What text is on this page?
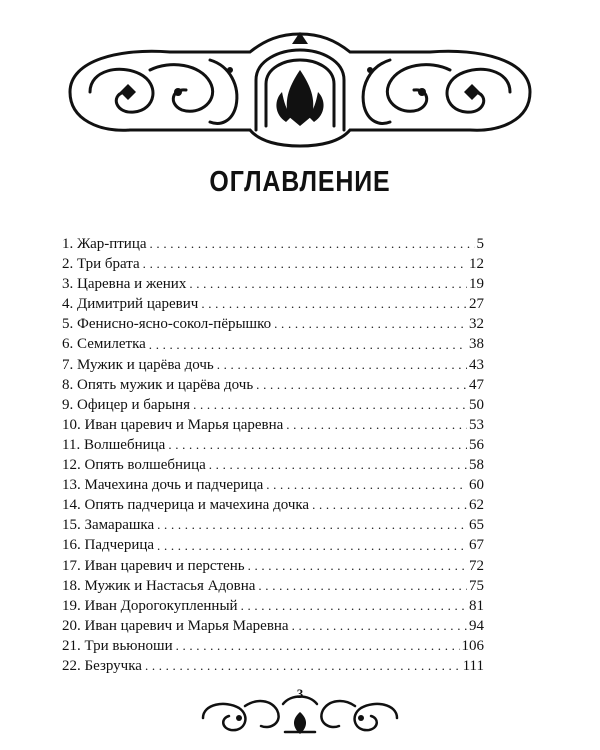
ОГЛАВЛЕНИЕ
1. Жар-птица . . .	5
2. Три брата . . .	12
3. Царевна и жених . . .	19
4. Димитрий царевич . . .	27
5. Фенисно-ясно-сокол-пёрышко . . .	32
6. Семилетка . . .	38
7. Мужик и царёва дочь . . .	43
8. Опять мужик и царёва дочь . . .	47
9. Офицер и барыня . . .	50
10. Иван царевич и Марья царевна . . .	53
11. Волшебница . . .	56
12. Опять волшебница . . .	58
13. Мачехина дочь и падчерица . . .	60
14. Опять падчерица и мачехина дочка . . .	62
15. Замарашка . . .	65
16. Падчерица . . .	67
17. Иван царевич и перстень . . .	72
18. Мужик и Настасья Адовна . . .	75
19. Иван Дорогокупленный . . .	81
20. Иван царевич и Марья Маревна . . .	94
21. Три вьюноши . . .	106
22. Безручка . . .	111
3
